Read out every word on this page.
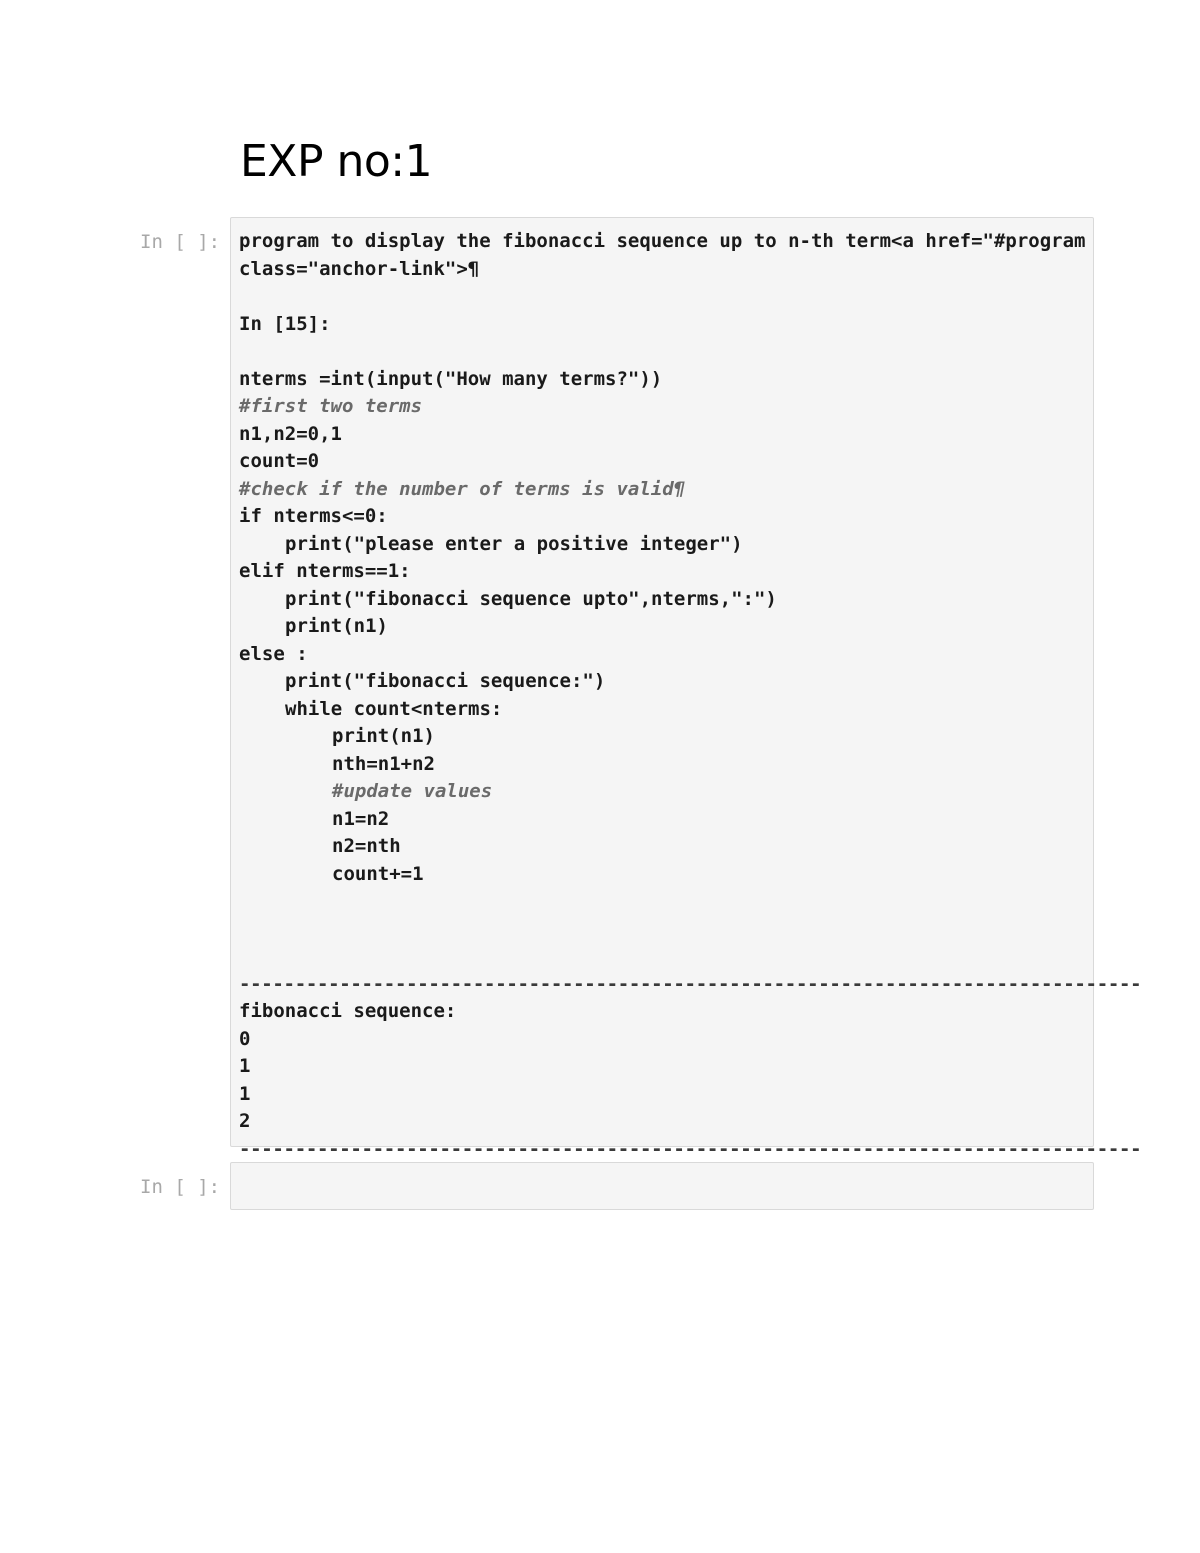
EXP no:1
In [ ]: program to display the fibonacci sequence up to n-th term<a href="#program
class="anchor-link">¶
In [15]:
nterms =int(input("How many terms?"))
#first two terms
n1,n2=0,1
count=0
#check if the number of terms is valid¶
if nterms<=0:
print("please enter a positive integer")
elif nterms==1:
print("fibonacci sequence upto",nterms,":")
print(n1)
else :
print("fibonacci sequence:")
while count<nterms:
print(n1)
nth=n1+n2
#update values
n1=n2
n2=nth
count+=1
---------------------------------------------------------------------------------
fibonacci sequence:
0
1
1
2
---------------------------------------------------------------------------------
In [ ]:
